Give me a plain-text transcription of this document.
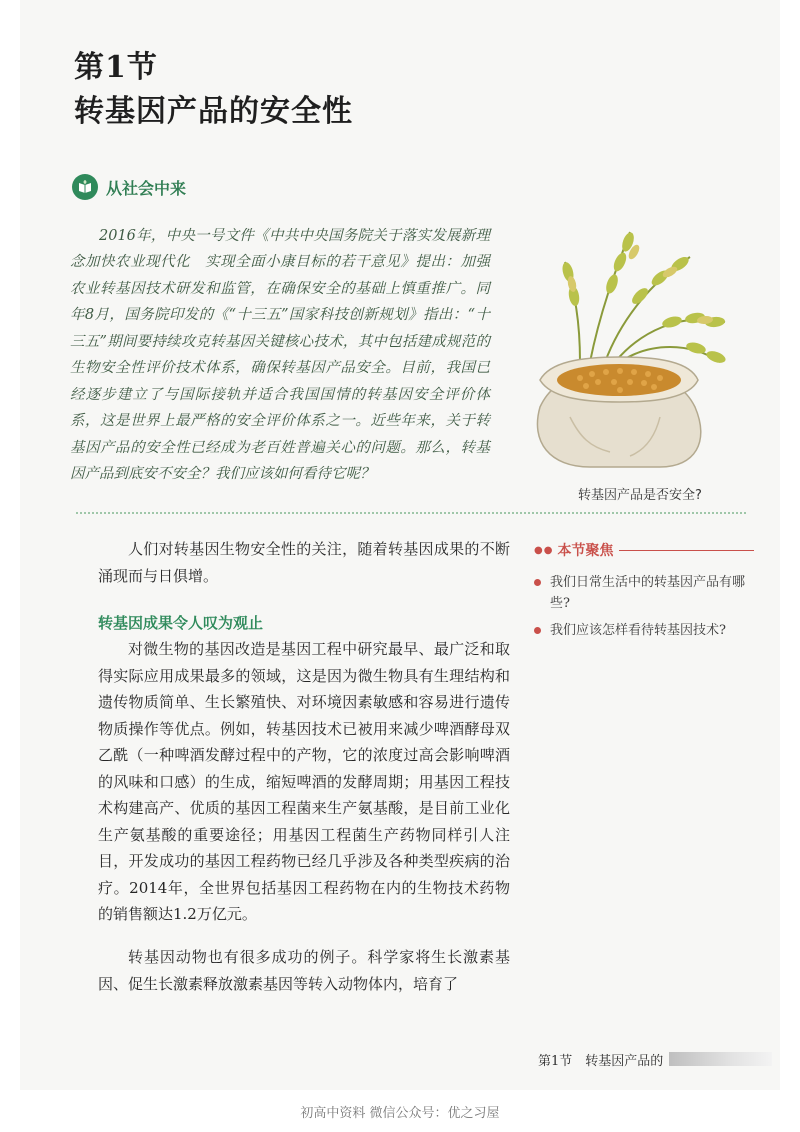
第1节
转基因产品的安全性
从社会中来

2016年，中央一号文件《中共中央国务院关于落实发展新理念加快农业现代化　实现全面小康目标的若干意见》提出：加强农业转基因技术研发和监管，在确保安全的基础上慎重推广。同年8月，国务院印发的《“十三五”国家科技创新规划》指出：“十三五”期间要持续攻克转基因关键核心技术，其中包括建成规范的生物安全性评价技术体系，确保转基因产品安全。目前，我国已经逐步建立了与国际接轨并适合我国国情的转基因安全评价体系，这是世界上最严格的安全评价体系之一。近些年来，关于转基因产品的安全性已经成为老百姓普遍关心的问题。那么，转基因产品到底安不安全？我们应该如何看待它呢？

转基因产品是否安全?

人们对转基因生物安全性的关注，随着转基因成果的不断涌现而与日俱增。

转基因成果令人叹为观止

对微生物的基因改造是基因工程中研究最早、最广泛和取得实际应用成果最多的领域，这是因为微生物具有生理结构和遗传物质简单、生长繁殖快、对环境因素敏感和容易进行遗传物质操作等优点。例如，转基因技术已被用来减少啤酒酵母双乙酰（一种啤酒发酵过程中的产物，它的浓度过高会影响啤酒的风味和口感）的生成，缩短啤酒的发酵周期；用基因工程技术构建高产、优质的基因工程菌来生产氨基酸，是目前工业化生产氨基酸的重要途径；用基因工程菌生产药物同样引人注目，开发成功的基因工程药物已经几乎涉及各种类型疾病的治疗。2014年，全世界包括基因工程药物在内的生物技术药物的销售额达1.2万亿元。

转基因动物也有很多成功的例子。科学家将生长激素基因、促生长激素释放激素基因等转入动物体内，培育了

●● 本节聚焦
我们日常生活中的转基因产品有哪些?
我们应该怎样看待转基因技术?
第1节　转基因产品的
初高中资料 微信公众号：优之习屋
